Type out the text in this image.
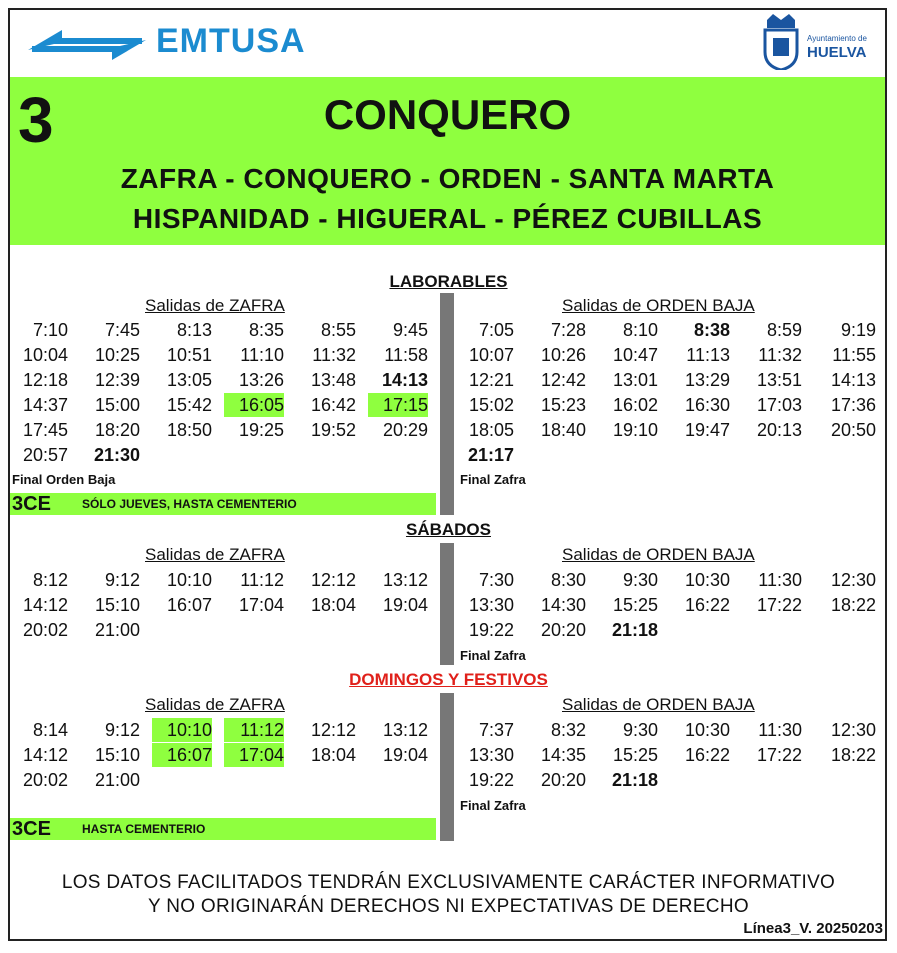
EMTUSA	Ayuntamiento de
HUELVA
3	CONQUERO
ZAFRA - CONQUERO - ORDEN - SANTA MARTA
HISPANIDAD - HIGUERAL - PÉREZ CUBILLAS
LABORABLES
Salidas de ZAFRA	Salidas de ORDEN BAJA
7:10	7:45	8:13	8:35	8:55	9:45
10:04	10:25	10:51	11:10	11:32	11:58
12:18	12:39	13:05	13:26	13:48	14:13
14:37	15:00	15:42	16:05	16:42	17:15
17:45	18:20	18:50	19:25	19:52	20:29
20:57	21:30
7:05	7:28	8:10	8:38	8:59	9:19
10:07	10:26	10:47	11:13	11:32	11:55
12:21	12:42	13:01	13:29	13:51	14:13
15:02	15:23	16:02	16:30	17:03	17:36
18:05	18:40	19:10	19:47	20:13	20:50
21:17
Final Orden Baja	Final Zafra
3CE	SÓLO JUEVES, HASTA CEMENTERIO
SÁBADOS
Salidas de ZAFRA	Salidas de ORDEN BAJA
8:12	9:12	10:10	11:12	12:12	13:12
14:12	15:10	16:07	17:04	18:04	19:04
20:02	21:00
7:30	8:30	9:30	10:30	11:30	12:30
13:30	14:30	15:25	16:22	17:22	18:22
19:22	20:20	21:18
Final Zafra
DOMINGOS Y FESTIVOS
Salidas de ZAFRA	Salidas de ORDEN BAJA
8:14	9:12	10:10	11:12	12:12	13:12
14:12	15:10	16:07	17:04	18:04	19:04
20:02	21:00
7:37	8:32	9:30	10:30	11:30	12:30
13:30	14:35	15:25	16:22	17:22	18:22
19:22	20:20	21:18
Final Zafra
3CE	HASTA CEMENTERIO
LOS DATOS FACILITADOS TENDRÁN EXCLUSIVAMENTE CARÁCTER INFORMATIVO
Y NO ORIGINARÁN DERECHOS NI EXPECTATIVAS DE DERECHO
Línea3_V. 20250203
